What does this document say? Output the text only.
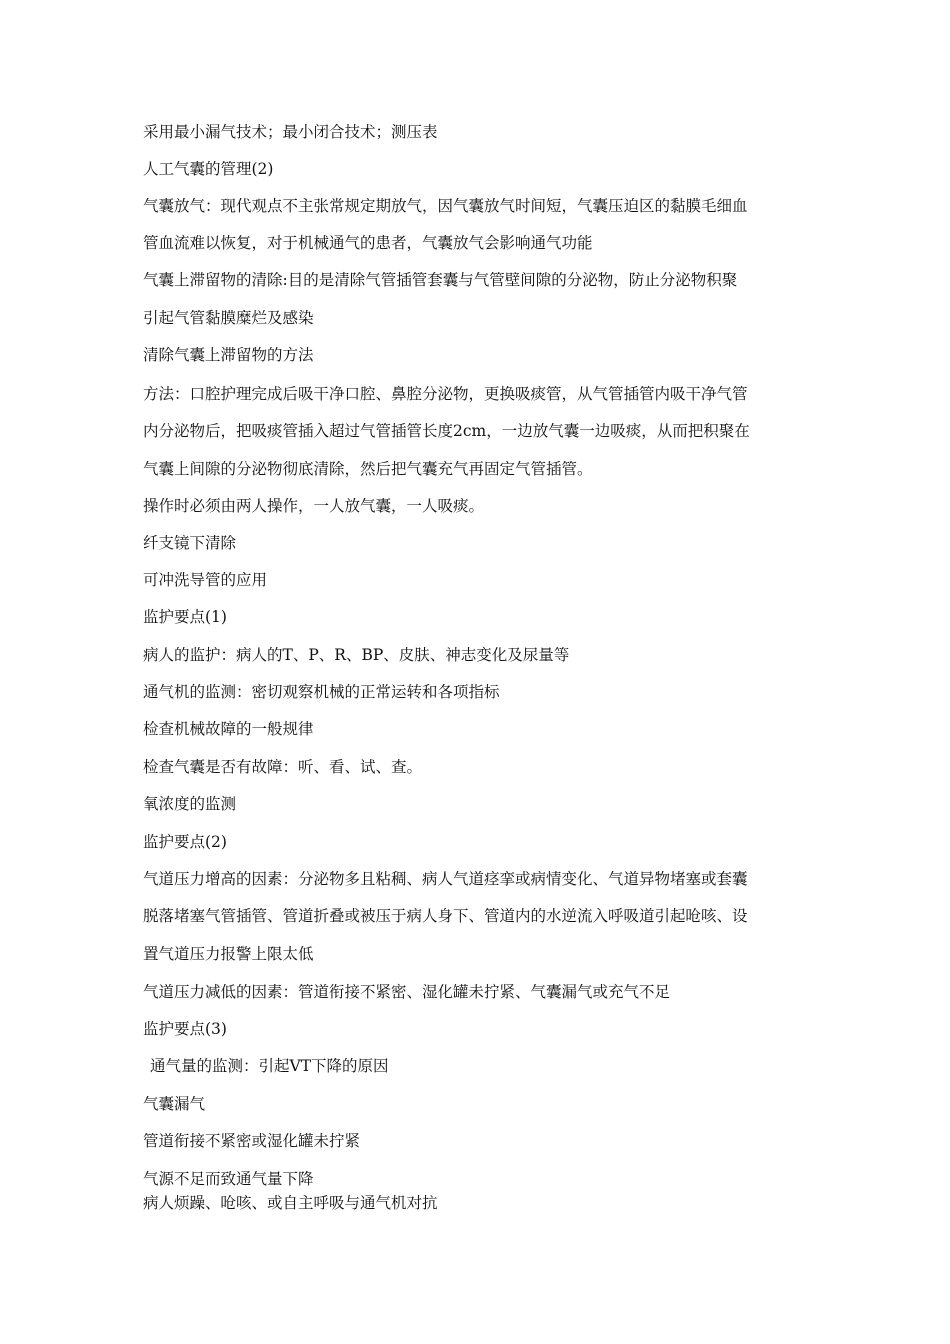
采用最小漏气技术；最小闭合技术；测压表
人工气囊的管理(2)
气囊放气：现代观点不主张常规定期放气，因气囊放气时间短，气囊压迫区的黏膜毛细血
管血流难以恢复，对于机械通气的患者，气囊放气会影响通气功能
气囊上滞留物的清除:目的是清除气管插管套囊与气管壁间隙的分泌物，防止分泌物积聚
引起气管黏膜糜烂及感染
清除气囊上滞留物的方法
方法：口腔护理完成后吸干净口腔、鼻腔分泌物，更换吸痰管，从气管插管内吸干净气管
内分泌物后，把吸痰管插入超过气管插管长度2cm，一边放气囊一边吸痰，从而把积聚在
气囊上间隙的分泌物彻底清除，然后把气囊充气再固定气管插管。
操作时必须由两人操作，一人放气囊，一人吸痰。
纤支镜下清除
可冲洗导管的应用
监护要点(1)
病人的监护：病人的T、P、R、BP、皮肤、神志变化及尿量等
通气机的监测：密切观察机械的正常运转和各项指标
检查机械故障的一般规律
检查气囊是否有故障：听、看、试、查。
氧浓度的监测
监护要点(2)
气道压力增高的因素：分泌物多且粘稠、病人气道痉挛或病情变化、气道异物堵塞或套囊
脱落堵塞气管插管、管道折叠或被压于病人身下、管道内的水逆流入呼吸道引起呛咳、设
置气道压力报警上限太低
气道压力减低的因素：管道衔接不紧密、湿化罐未拧紧、气囊漏气或充气不足
监护要点(3)
通气量的监测：引起VT下降的原因
气囊漏气
管道衔接不紧密或湿化罐未拧紧
气源不足而致通气量下降
病人烦躁、呛咳、或自主呼吸与通气机对抗
